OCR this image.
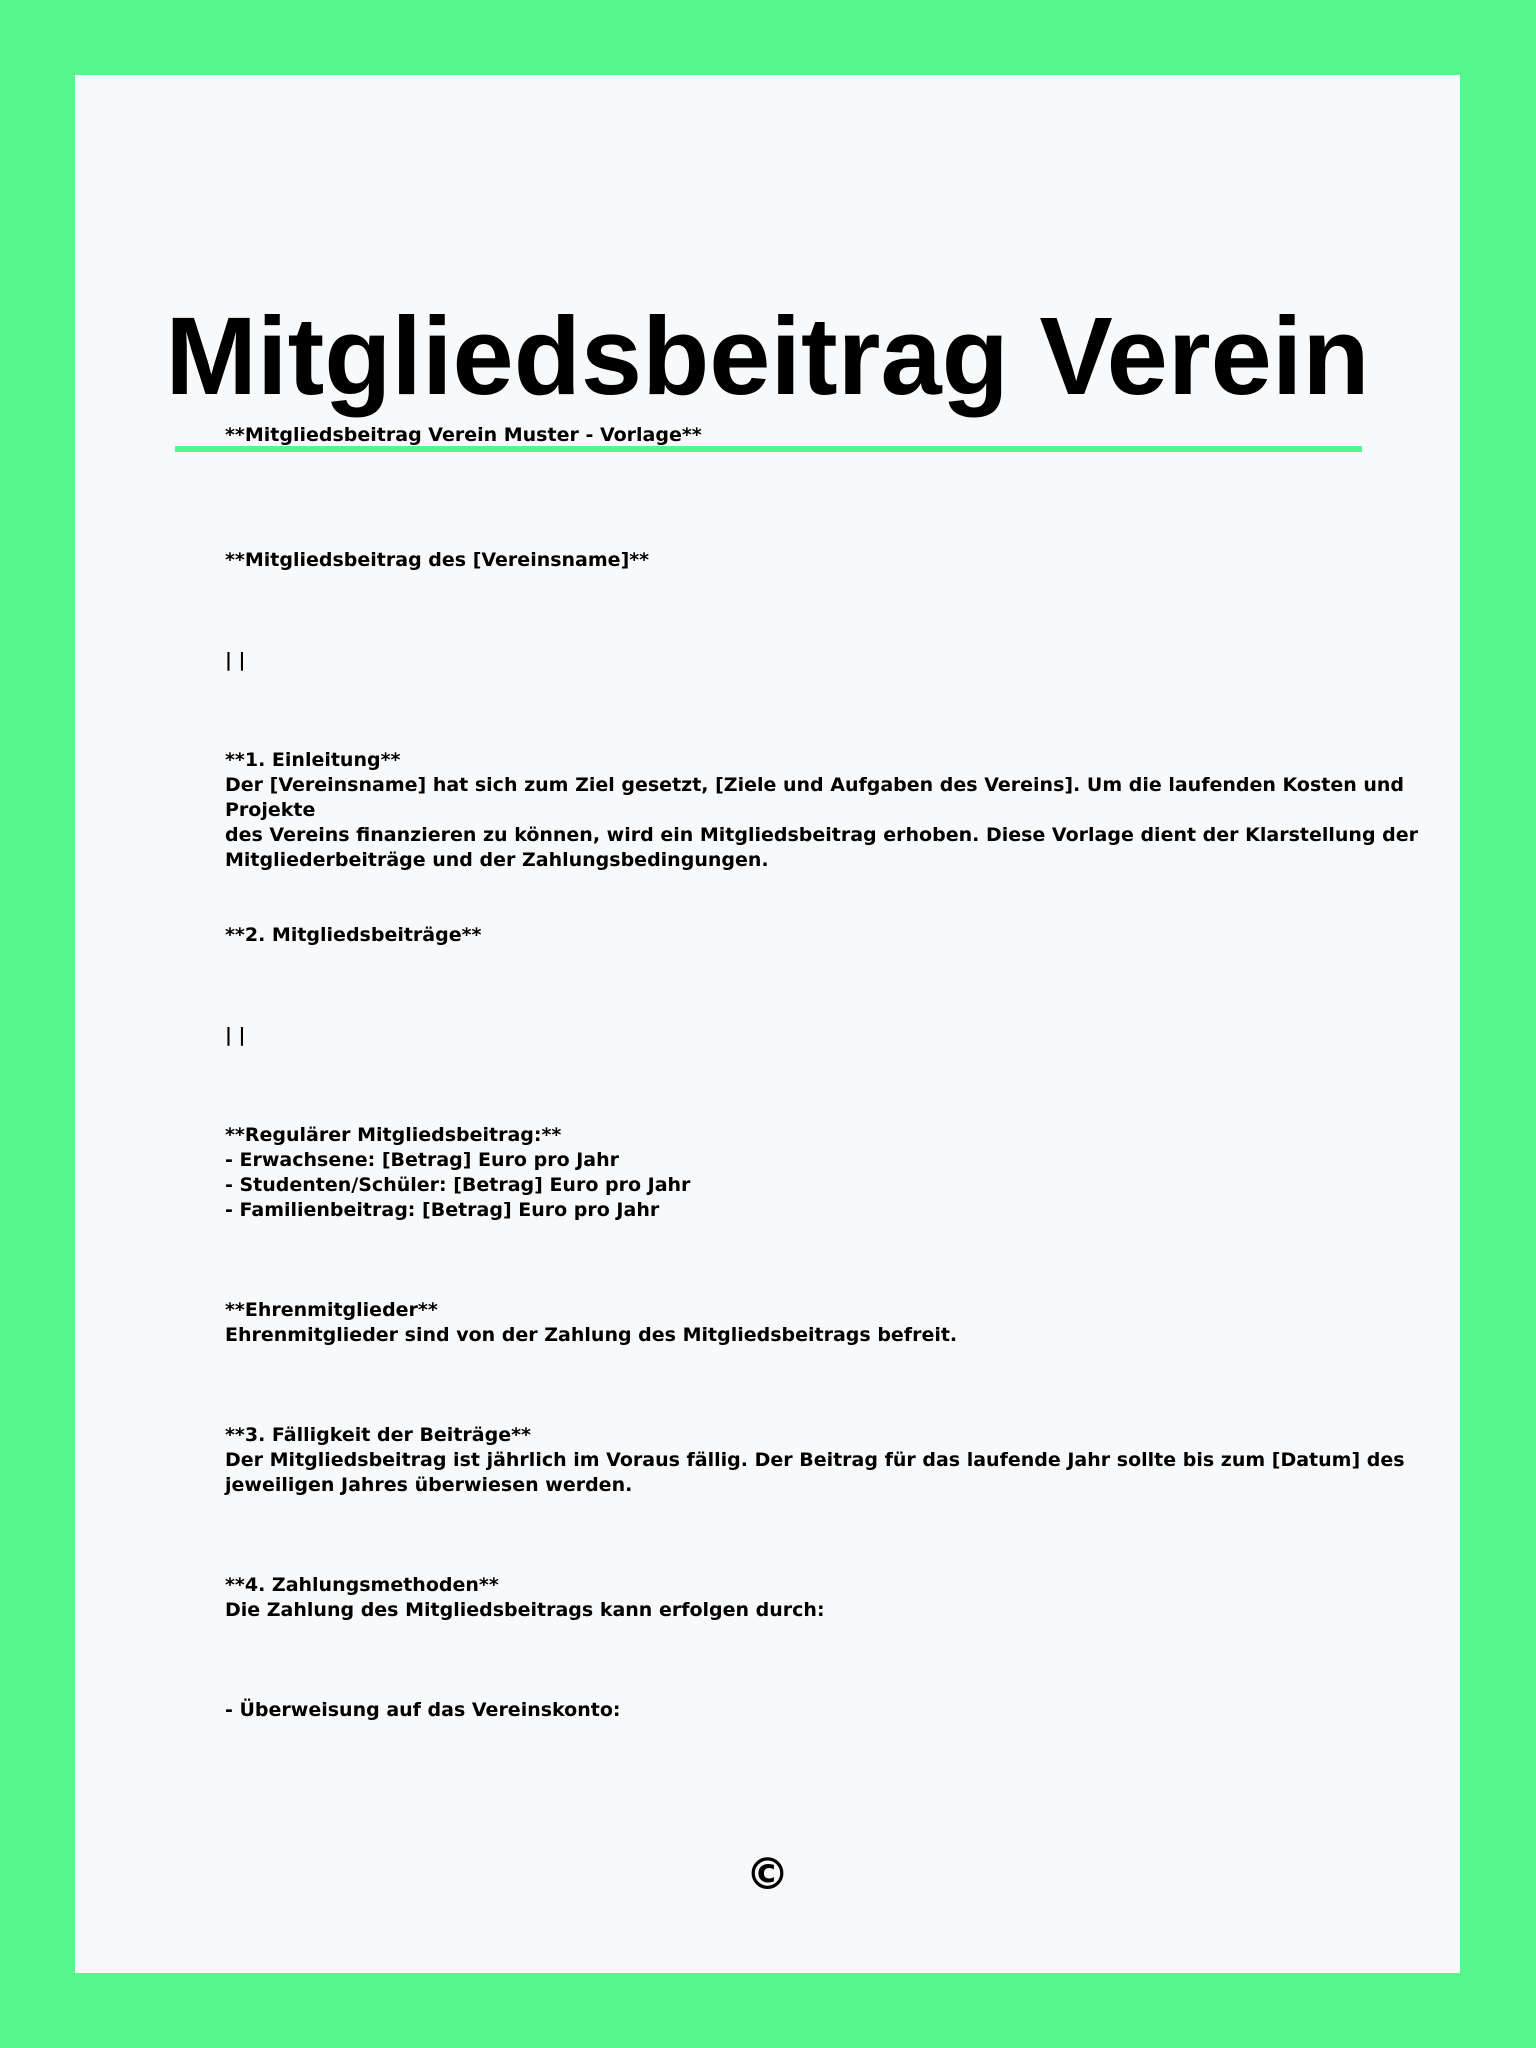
Mitgliedsbeitrag Verein
**Mitgliedsbeitrag Verein Muster - Vorlage**
**Mitgliedsbeitrag des [Vereinsname]**
| |
**1. Einleitung**
Der [Vereinsname] hat sich zum Ziel gesetzt, [Ziele und Aufgaben des Vereins]. Um die laufenden Kosten und Projekte
des Vereins finanzieren zu können, wird ein Mitgliedsbeitrag erhoben. Diese Vorlage dient der Klarstellung der
Mitgliederbeiträge und der Zahlungsbedingungen.
**2. Mitgliedsbeiträge**
| |
**Regulärer Mitgliedsbeitrag:**
- Erwachsene: [Betrag] Euro pro Jahr
- Studenten/Schüler: [Betrag] Euro pro Jahr
- Familienbeitrag: [Betrag] Euro pro Jahr
**Ehrenmitglieder**
Ehrenmitglieder sind von der Zahlung des Mitgliedsbeitrags befreit.
**3. Fälligkeit der Beiträge**
Der Mitgliedsbeitrag ist jährlich im Voraus fällig. Der Beitrag für das laufende Jahr sollte bis zum [Datum] des
jeweiligen Jahres überwiesen werden.
**4. Zahlungsmethoden**
Die Zahlung des Mitgliedsbeitrags kann erfolgen durch:
- Überweisung auf das Vereinskonto:
©
